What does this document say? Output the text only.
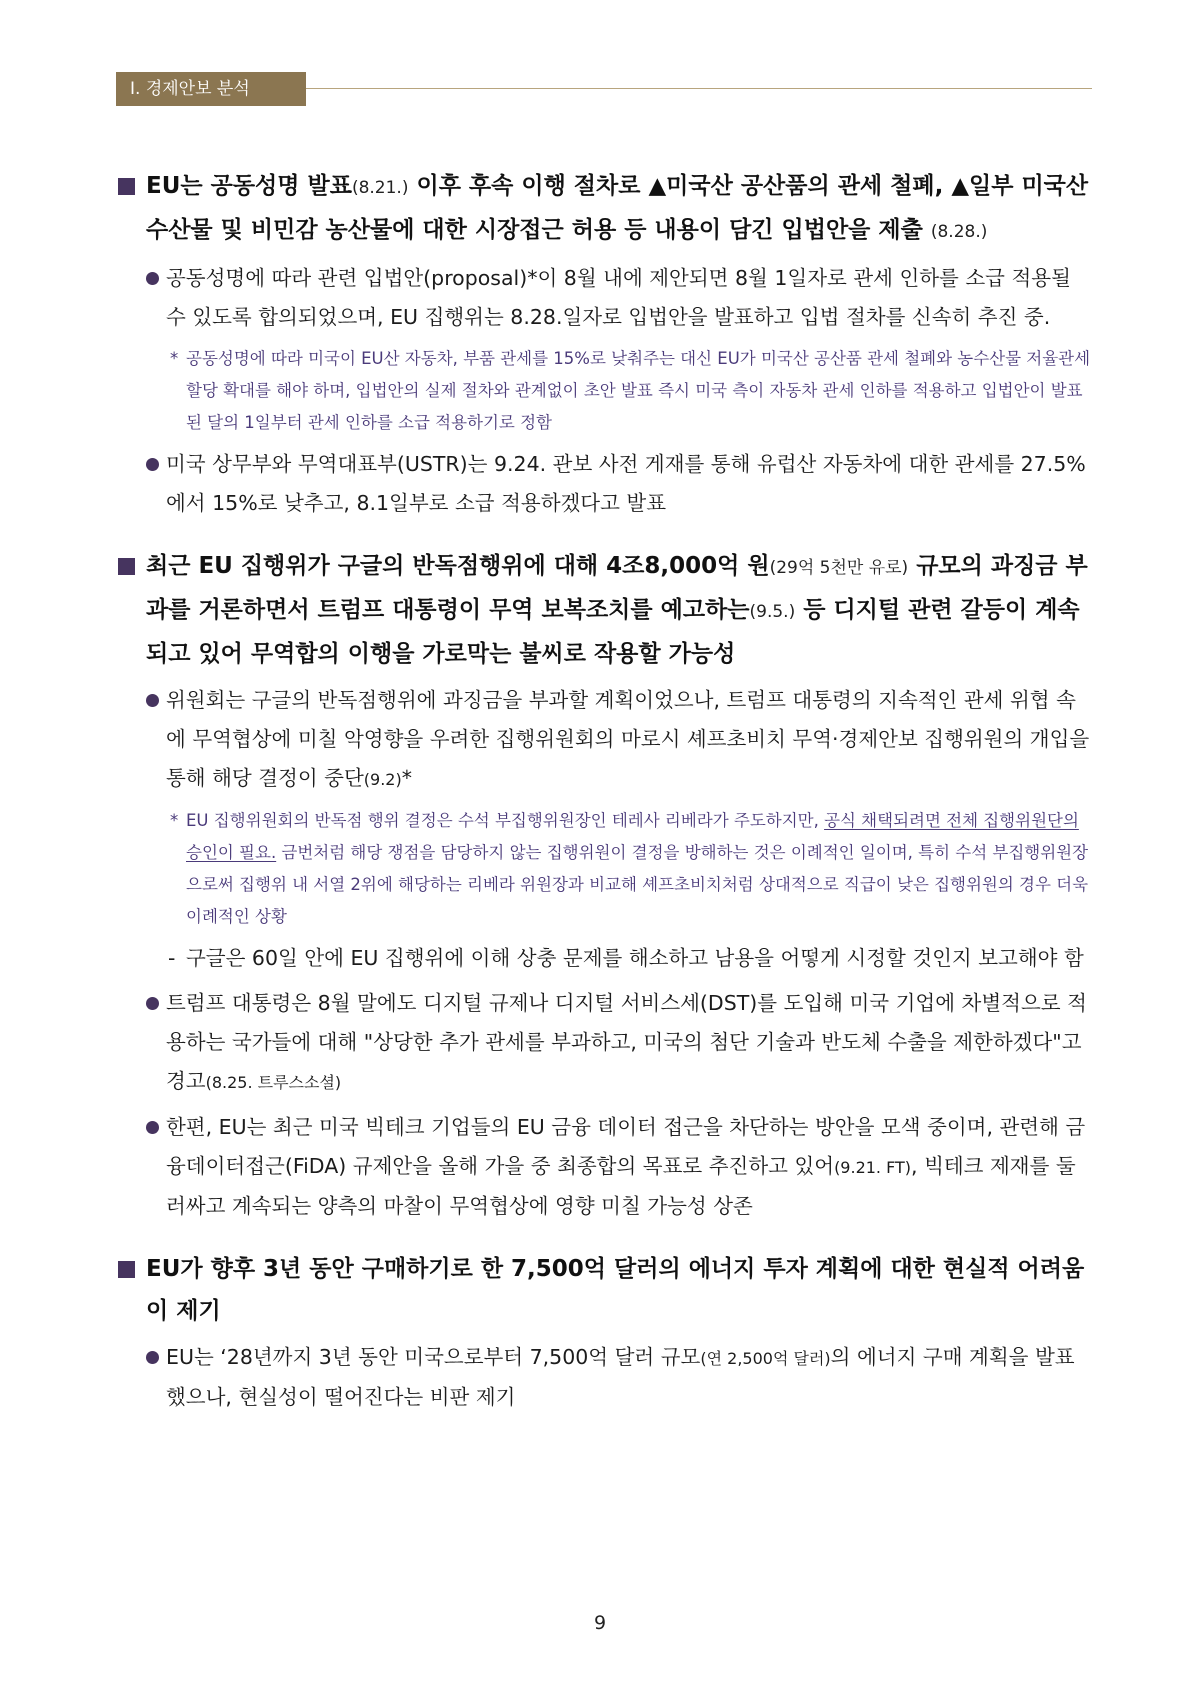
Ⅰ. 경제안보 분석
EU는 공동성명 발표(8.21.) 이후 후속 이행 절차로 ▲미국산 공산품의 관세 철폐, ▲일부 미국산 수산물 및 비민감 농산물에 대한 시장접근 허용 등 내용이 담긴 입법안을 제출 (8.28.)
공동성명에 따라 관련 입법안(proposal)*이 8월 내에 제안되면 8월 1일자로 관세 인하를 소급 적용될 수 있도록 합의되었으며, EU 집행위는 8.28.일자로 입법안을 발표하고 입법 절차를 신속히 추진 중.
* 공동성명에 따라 미국이 EU산 자동차, 부품 관세를 15%로 낮춰주는 대신 EU가 미국산 공산품 관세 철폐와 농수산물 저율관세 할당 확대를 해야 하며, 입법안의 실제 절차와 관계없이 초안 발표 즉시 미국 측이 자동차 관세 인하를 적용하고 입법안이 발표된 달의 1일부터 관세 인하를 소급 적용하기로 정함
미국 상무부와 무역대표부(USTR)는 9.24. 관보 사전 게재를 통해 유럽산 자동차에 대한 관세를 27.5%에서 15%로 낮추고, 8.1일부로 소급 적용하겠다고 발표
최근 EU 집행위가 구글의 반독점행위에 대해 4조8,000억 원(29억 5천만 유로) 규모의 과징금 부과를 거론하면서 트럼프 대통령이 무역 보복조치를 예고하는(9.5.) 등 디지털 관련 갈등이 계속되고 있어 무역합의 이행을 가로막는 불씨로 작용할 가능성
위원회는 구글의 반독점행위에 과징금을 부과할 계획이었으나, 트럼프 대통령의 지속적인 관세 위협 속에 무역협상에 미칠 악영향을 우려한 집행위원회의 마로시 셰프초비치 무역·경제안보 집행위원의 개입을 통해 해당 결정이 중단(9.2)*
* EU 집행위원회의 반독점 행위 결정은 수석 부집행위원장인 테레사 리베라가 주도하지만, 공식 채택되려면 전체 집행위원단의 승인이 필요. 금번처럼 해당 쟁점을 담당하지 않는 집행위원이 결정을 방해하는 것은 이례적인 일이며, 특히 수석 부집행위원장으로써 집행위 내 서열 2위에 해당하는 리베라 위원장과 비교해 셰프초비치처럼 상대적으로 직급이 낮은 집행위원의 경우 더욱 이례적인 상황
- 구글은 60일 안에 EU 집행위에 이해 상충 문제를 해소하고 남용을 어떻게 시정할 것인지 보고해야 함
트럼프 대통령은 8월 말에도 디지털 규제나 디지털 서비스세(DST)를 도입해 미국 기업에 차별적으로 적용하는 국가들에 대해 "상당한 추가 관세를 부과하고, 미국의 첨단 기술과 반도체 수출을 제한하겠다"고 경고(8.25. 트루스소셜)
한편, EU는 최근 미국 빅테크 기업들의 EU 금융 데이터 접근을 차단하는 방안을 모색 중이며, 관련해 금융데이터접근(FiDA) 규제안을 올해 가을 중 최종합의 목표로 추진하고 있어(9.21. FT), 빅테크 제재를 둘러싸고 계속되는 양측의 마찰이 무역협상에 영향 미칠 가능성 상존
EU가 향후 3년 동안 구매하기로 한 7,500억 달러의 에너지 투자 계획에 대한 현실적 어려움이 제기
EU는 ‘28년까지 3년 동안 미국으로부터 7,500억 달러 규모(연 2,500억 달러)의 에너지 구매 계획을 발표했으나, 현실성이 떨어진다는 비판 제기
9
